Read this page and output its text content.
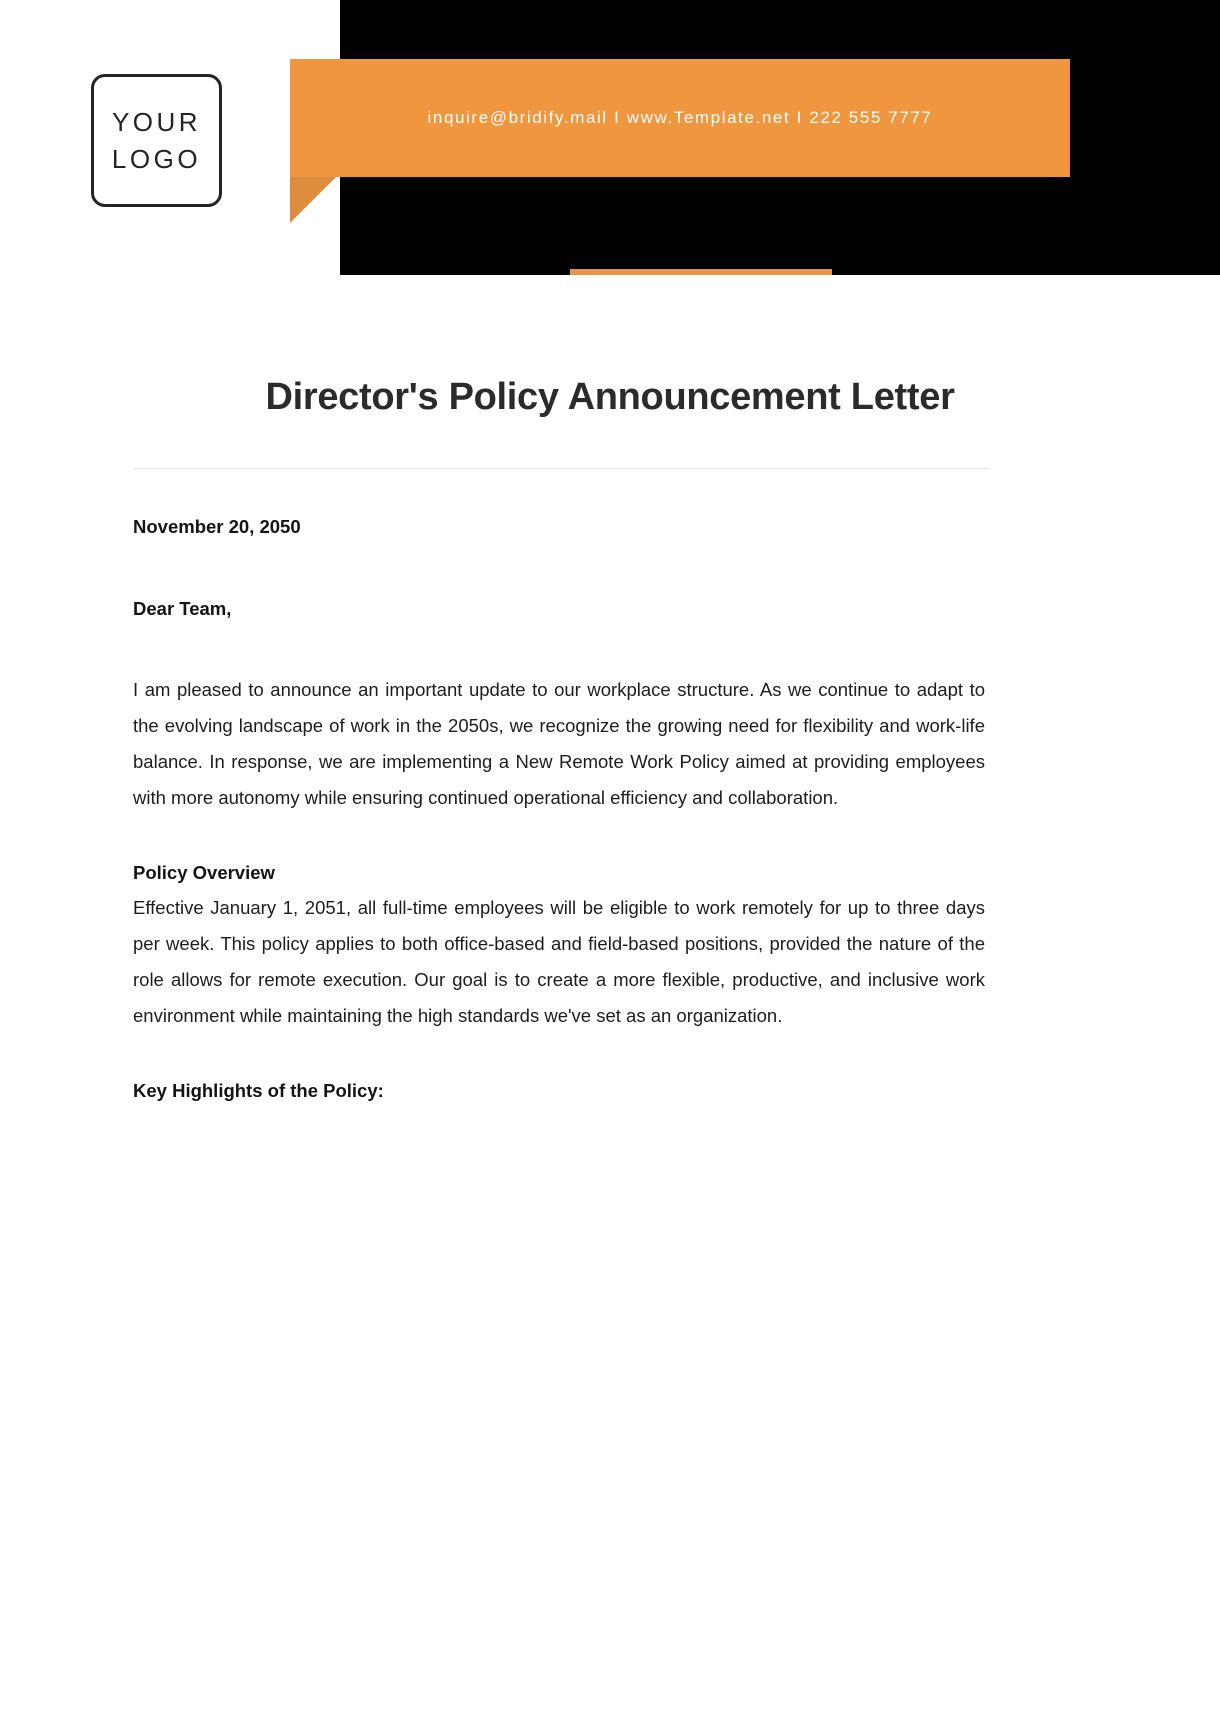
inquire@bridify.mail I www.Template.net I 222 555 7777
YOUR
LOGO
Director's Policy Announcement Letter

November 20, 2050

Dear Team,

I am pleased to announce an important update to our workplace structure. As we continue to adapt to the evolving landscape of work in the 2050s, we recognize the growing need for flexibility and work-life balance. In response, we are implementing a New Remote Work Policy aimed at providing employees with more autonomy while ensuring continued operational efficiency and collaboration.

Policy Overview

Effective January 1, 2051, all full-time employees will be eligible to work remotely for up to three days per week. This policy applies to both office-based and field-based positions, provided the nature of the role allows for remote execution. Our goal is to create a more flexible, productive, and inclusive work environment while maintaining the high standards we've set as an organization.

Key Highlights of the Policy:
